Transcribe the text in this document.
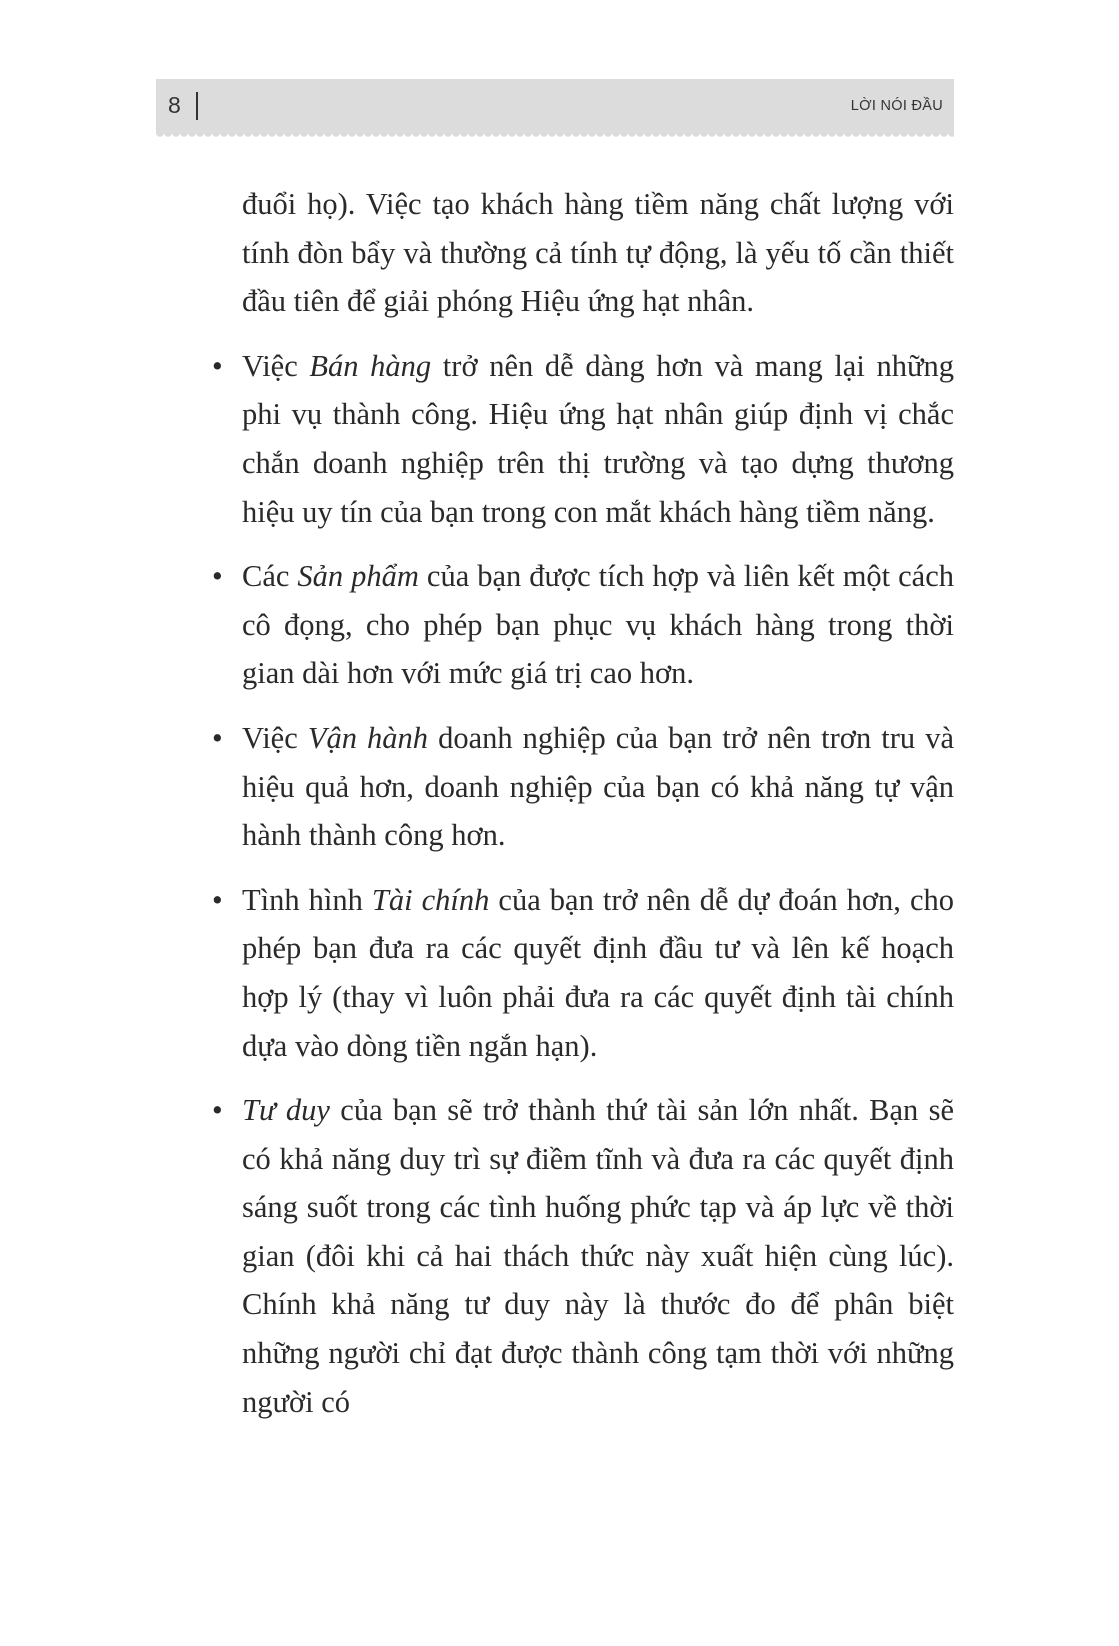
8	LỜI NÓI ĐẦU

đuổi họ). Việc tạo khách hàng tiềm năng chất lượng với tính đòn bẩy và thường cả tính tự động, là yếu tố cần thiết đầu tiên để giải phóng Hiệu ứng hạt nhân.

• Việc Bán hàng trở nên dễ dàng hơn và mang lại những phi vụ thành công. Hiệu ứng hạt nhân giúp định vị chắc chắn doanh nghiệp trên thị trường và tạo dựng thương hiệu uy tín của bạn trong con mắt khách hàng tiềm năng.
• Các Sản phẩm của bạn được tích hợp và liên kết một cách cô đọng, cho phép bạn phục vụ khách hàng trong thời gian dài hơn với mức giá trị cao hơn.
• Việc Vận hành doanh nghiệp của bạn trở nên trơn tru và hiệu quả hơn, doanh nghiệp của bạn có khả năng tự vận hành thành công hơn.
• Tình hình Tài chính của bạn trở nên dễ dự đoán hơn, cho phép bạn đưa ra các quyết định đầu tư và lên kế hoạch hợp lý (thay vì luôn phải đưa ra các quyết định tài chính dựa vào dòng tiền ngắn hạn).
• Tư duy của bạn sẽ trở thành thứ tài sản lớn nhất. Bạn sẽ có khả năng duy trì sự điềm tĩnh và đưa ra các quyết định sáng suốt trong các tình huống phức tạp và áp lực về thời gian (đôi khi cả hai thách thức này xuất hiện cùng lúc). Chính khả năng tư duy này là thước đo để phân biệt những người chỉ đạt được thành công tạm thời với những người có
